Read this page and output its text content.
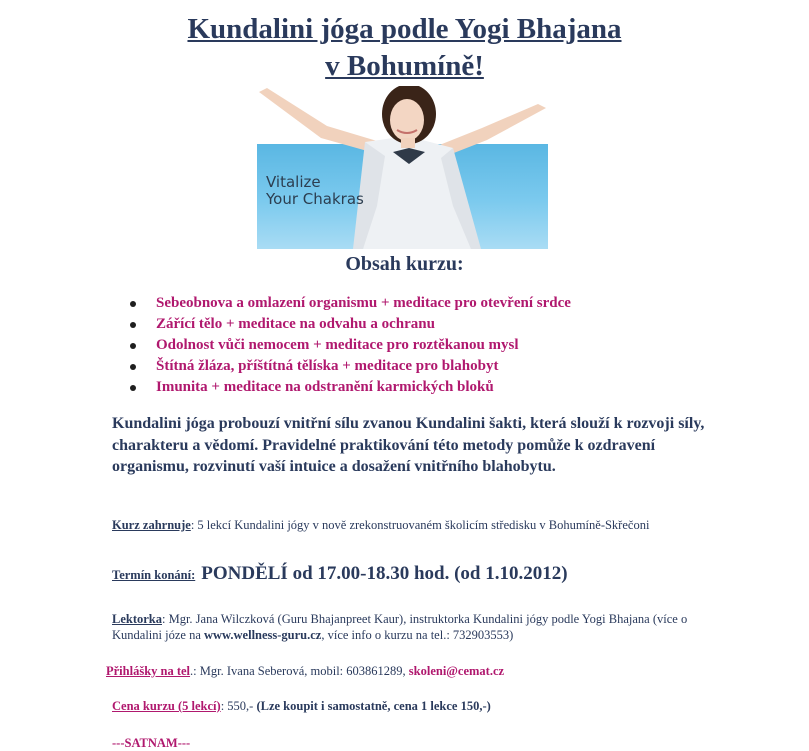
Kundalini jóga podle Yogi Bhajana
v Bohumíně!
Vitalize
Your Chakras
Obsah kurzu:
Sebeobnova a omlazení organismu + meditace pro otevření srdce
Zářící tělo + meditace na odvahu a ochranu
Odolnost vůči nemocem + meditace pro roztěkanou mysl
Štítná žláza, příštítná tělíska + meditace pro blahobyt
Imunita + meditace na odstranění karmických bloků

Kundalini jóga probouzí vnitřní sílu zvanou Kundalini šakti, která slouží k rozvoji síly, charakteru a vědomí. Pravidelné praktikování této metody pomůže k ozdravení organismu, rozvinutí vaší intuice a dosažení vnitřního blahobytu.

Kurz zahrnuje: 5 lekcí Kundalini jógy v nově zrekonstruovaném školicím středisku v Bohumíně-Skřečoni

Termín konání: PONDĚLÍ od 17.00-18.30 hod. (od 1.10.2012)

Lektorka: Mgr. Jana Wilczková (Guru Bhajanpreet Kaur), instruktorka Kundalini jógy podle Yogi Bhajana (více o Kundalini józe na www.wellness-guru.cz, více info o kurzu na tel.: 732903553)

Přihlášky na tel.: Mgr. Ivana Seberová, mobil: 603861289, skoleni@cemat.cz

Cena kurzu (5 lekcí): 550,- (Lze koupit i samostatně, cena 1 lekce 150,-)

---SATNAM---
